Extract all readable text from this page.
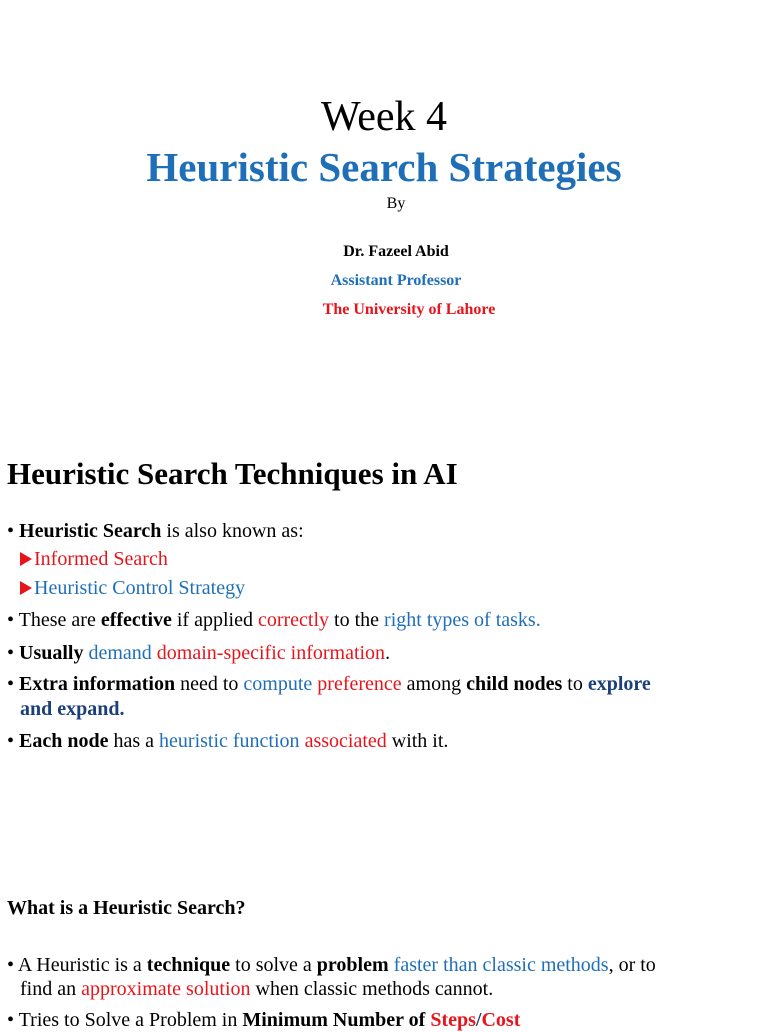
Week 4
Heuristic Search Strategies
By
Dr. Fazeel Abid
Assistant Professor
The University of Lahore
Heuristic Search Techniques in AI
• Heuristic Search is also known as:
Informed Search
Heuristic Control Strategy
• These are effective if applied correctly to the right types of tasks.
• Usually demand domain-specific information.
• Extra information need to compute preference among child nodes to explore
and expand.
• Each node has a heuristic function associated with it.
What is a Heuristic Search?
• A Heuristic is a technique to solve a problem faster than classic methods, or to
find an approximate solution when classic methods cannot.
• Tries to Solve a Problem in Minimum Number of Steps/Cost
